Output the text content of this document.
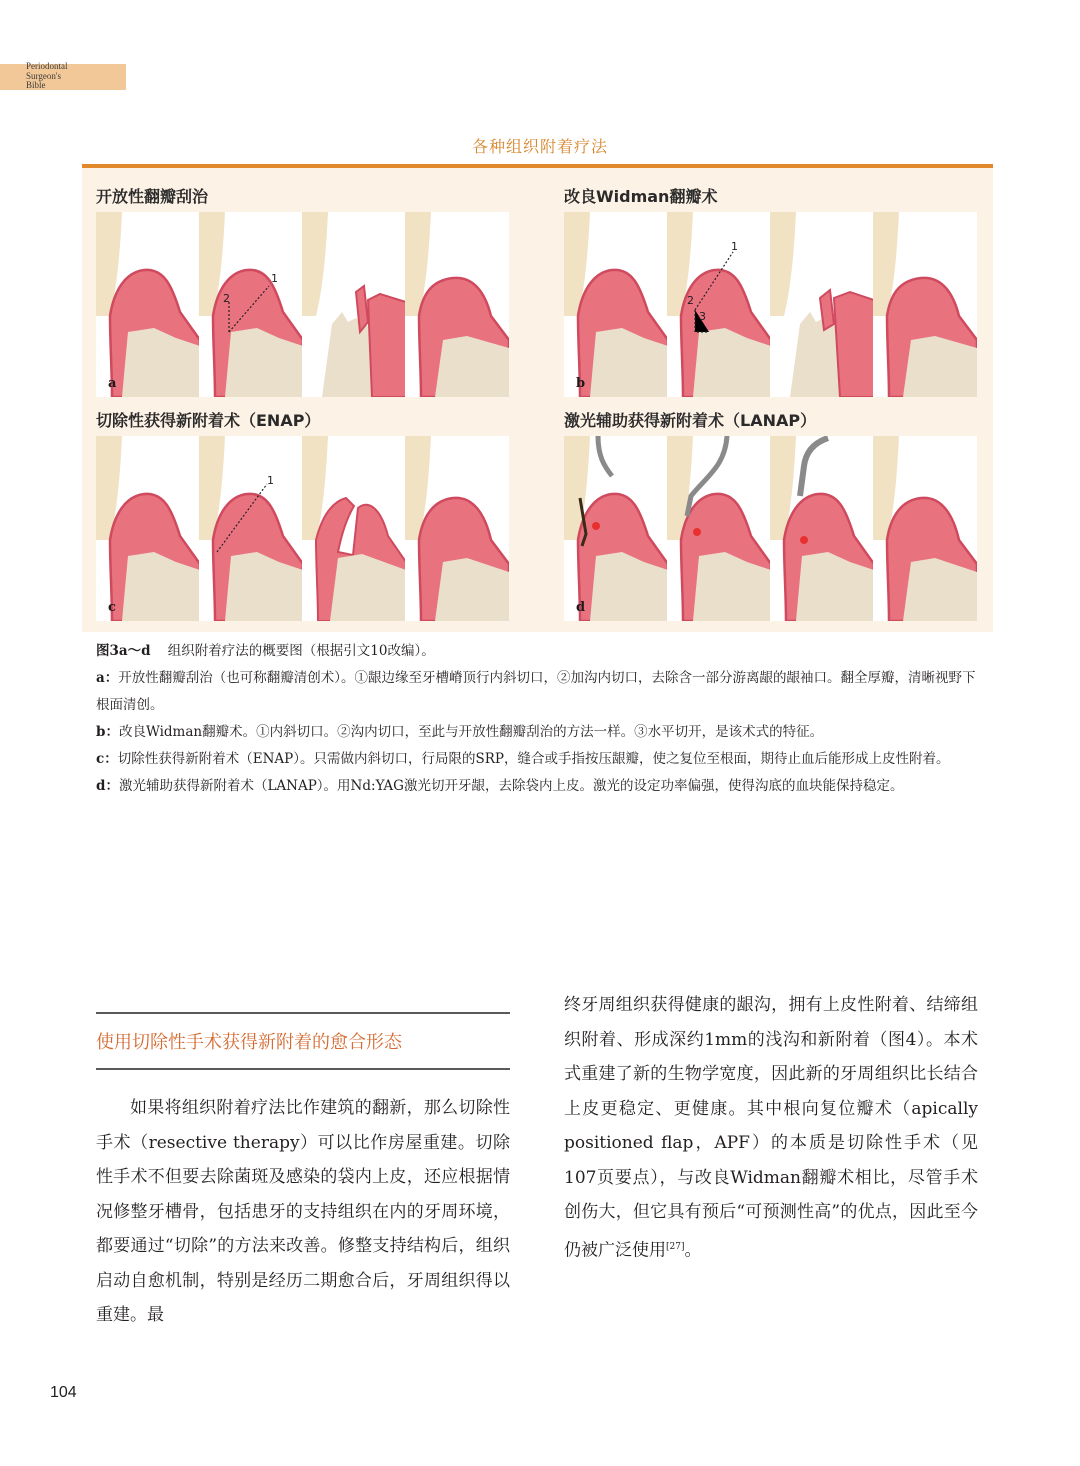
Periodontal
Surgeon's
Bible
各种组织附着疗法
开放性翻瓣刮治
a
1
2
改良Widman翻瓣术
b
1
2
3
切除性获得新附着术（ENAP）
c
1
激光辅助获得新附着术（LANAP）
d

图3a～d 组织附着疗法的概要图（根据引文10改编）。

a：开放性翻瓣刮治（也可称翻瓣清创术）。①龈边缘至牙槽嵴顶行内斜切口，②加沟内切口，去除含一部分游离龈的龈袖口。翻全厚瓣，清晰视野下根面清创。

b：改良Widman翻瓣术。①内斜切口。②沟内切口，至此与开放性翻瓣刮治的方法一样。③水平切开，是该术式的特征。

c：切除性获得新附着术（ENAP）。只需做内斜切口，行局限的SRP，缝合或手指按压龈瓣，使之复位至根面，期待止血后能形成上皮性附着。

d：激光辅助获得新附着术（LANAP）。用Nd:YAG激光切开牙龈，去除袋内上皮。激光的设定功率偏强，使得沟底的血块能保持稳定。

使用切除性手术获得新附着的愈合形态

如果将组织附着疗法比作建筑的翻新，那么切除性手术（resective therapy）可以比作房屋重建。切除性手术不但要去除菌斑及感染的袋内上皮，还应根据情况修整牙槽骨，包括患牙的支持组织在内的牙周环境，都要通过“切除”的方法来改善。修整支持结构后，组织启动自愈机制，特别是经历二期愈合后，牙周组织得以重建。最

终牙周组织获得健康的龈沟，拥有上皮性附着、结缔组织附着、形成深约1mm的浅沟和新附着（图4）。本术式重建了新的生物学宽度，因此新的牙周组织比长结合上皮更稳定、更健康。其中根向复位瓣术（apically positioned flap，APF）的本质是切除性手术（见107页要点），与改良Widman翻瓣术相比，尽管手术创伤大，但它具有预后“可预测性高”的优点，因此至今仍被广泛使用[27]。

104
